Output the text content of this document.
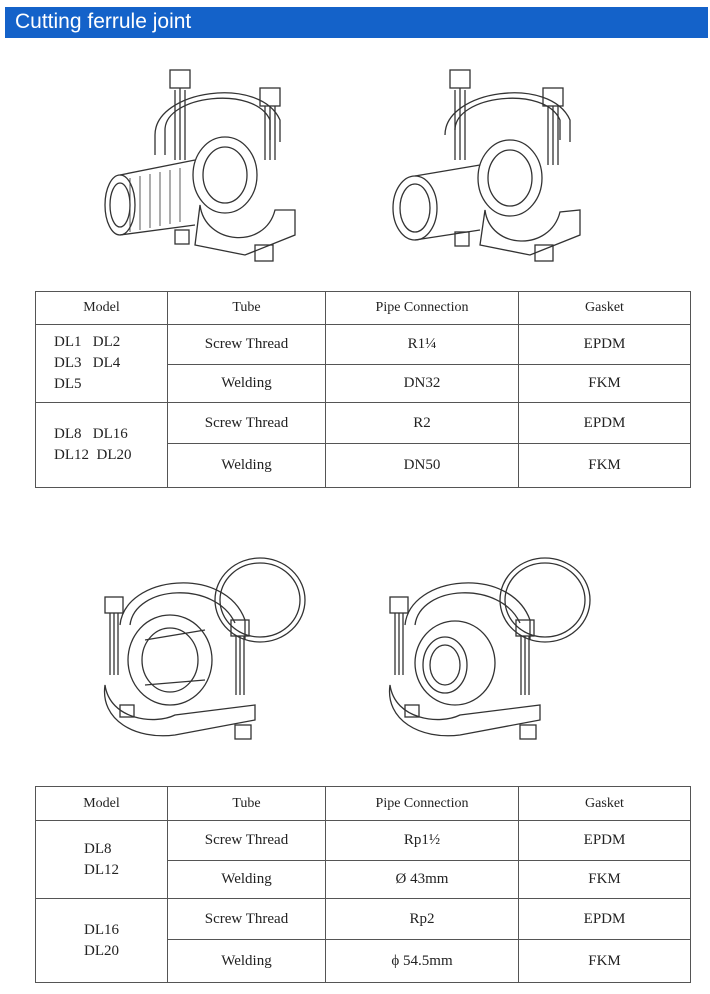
Cutting ferrule joint
Model	Tube	Pipe Connection	Gasket

DL1   DL2
DL3   DL4
DL5	Screw Thread	R1¼	EPDM
	Welding	DN32	FKM

DL8   DL16
DL12  DL20	Screw Thread	R2	EPDM
	Welding	DN50	FKM
Model	Tube	Pipe Connection	Gasket

DL8
DL12	Screw Thread	Rp1½	EPDM
	Welding	Ø 43mm	FKM

DL16
DL20	Screw Thread	Rp2	EPDM
	Welding	ϕ 54.5mm	FKM
